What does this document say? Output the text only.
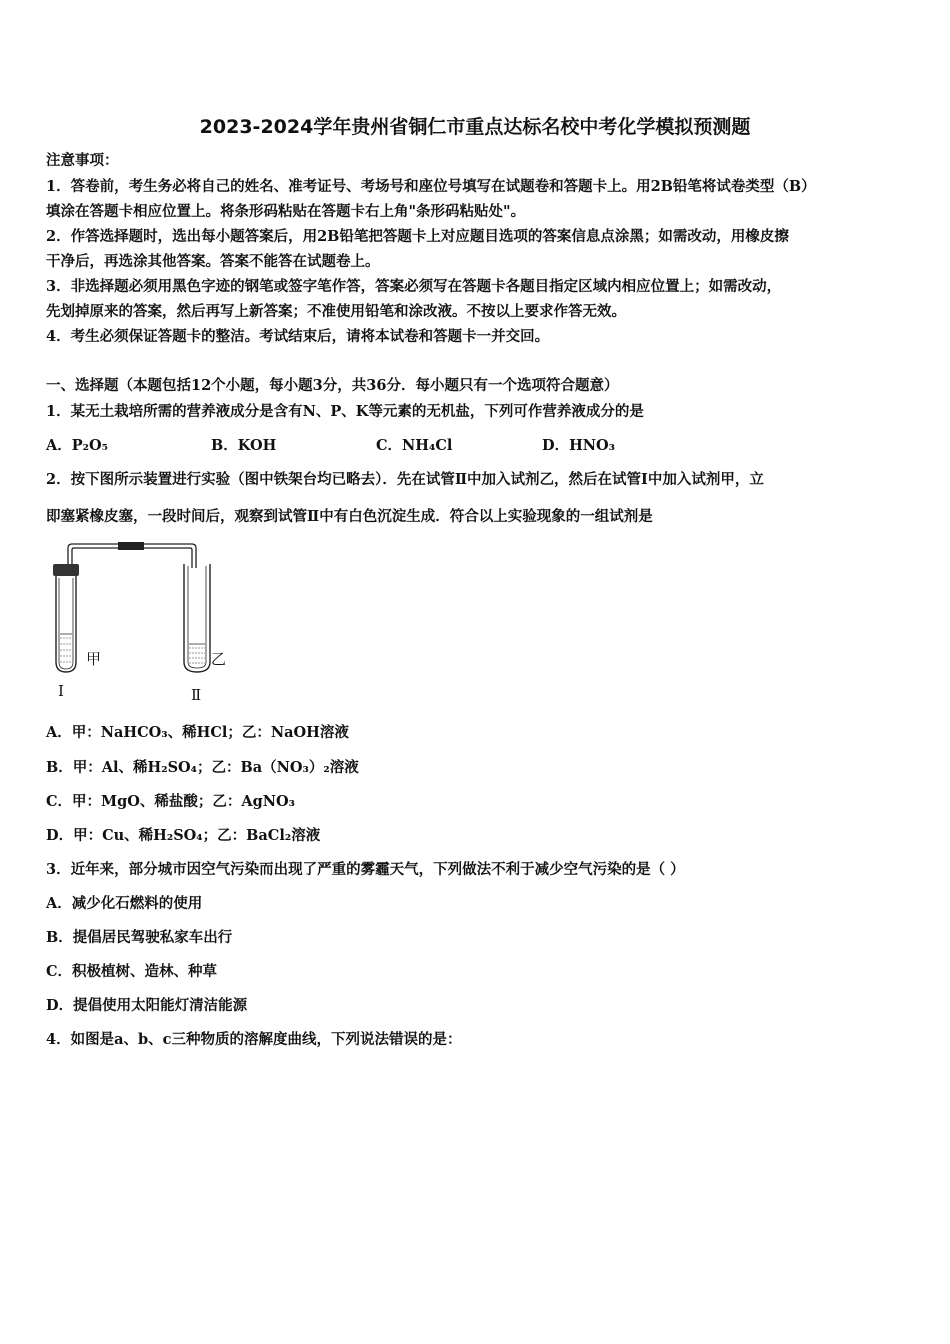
2023-2024学年贵州省铜仁市重点达标名校中考化学模拟预测题
注意事项：
1．答卷前，考生务必将自己的姓名、准考证号、考场号和座位号填写在试题卷和答题卡上。用2B铅笔将试卷类型（B）
填涂在答题卡相应位置上。将条形码粘贴在答题卡右上角"条形码粘贴处"。
2．作答选择题时，选出每小题答案后，用2B铅笔把答题卡上对应题目选项的答案信息点涂黑；如需改动，用橡皮擦
干净后，再选涂其他答案。答案不能答在试题卷上。
3．非选择题必须用黑色字迹的钢笔或签字笔作答，答案必须写在答题卡各题目指定区域内相应位置上；如需改动，
先划掉原来的答案，然后再写上新答案；不准使用铅笔和涂改液。不按以上要求作答无效。
4．考生必须保证答题卡的整洁。考试结束后，请将本试卷和答题卡一并交回。
一、选择题（本题包括12个小题，每小题3分，共36分．每小题只有一个选项符合题意）
1．某无土栽培所需的营养液成分是含有N、P、K等元素的无机盐，下列可作营养液成分的是
A．P₂O₅	B．KOH	C．NH₄Cl	D．HNO₃
2．按下图所示装置进行实验（图中铁架台均已略去）．先在试管Ⅱ中加入试剂乙，然后在试管Ⅰ中加入试剂甲，立
即塞紧橡皮塞，一段时间后，观察到试管Ⅱ中有白色沉淀生成．符合以上实验现象的一组试剂是
甲	乙
Ⅰ	Ⅱ
A．甲：NaHCO₃、稀HCl；乙：NaOH溶液
B．甲：Al、稀H₂SO₄；乙：Ba（NO₃）₂溶液
C．甲：MgO、稀盐酸；乙：AgNO₃
D．甲：Cu、稀H₂SO₄；乙：BaCl₂溶液
3．近年来，部分城市因空气污染而出现了严重的雾霾天气，下列做法不利于减少空气污染的是（ ）
A．减少化石燃料的使用
B．提倡居民驾驶私家车出行
C．积极植树、造林、种草
D．提倡使用太阳能灯清洁能源
4．如图是a、b、c三种物质的溶解度曲线，下列说法错误的是：
